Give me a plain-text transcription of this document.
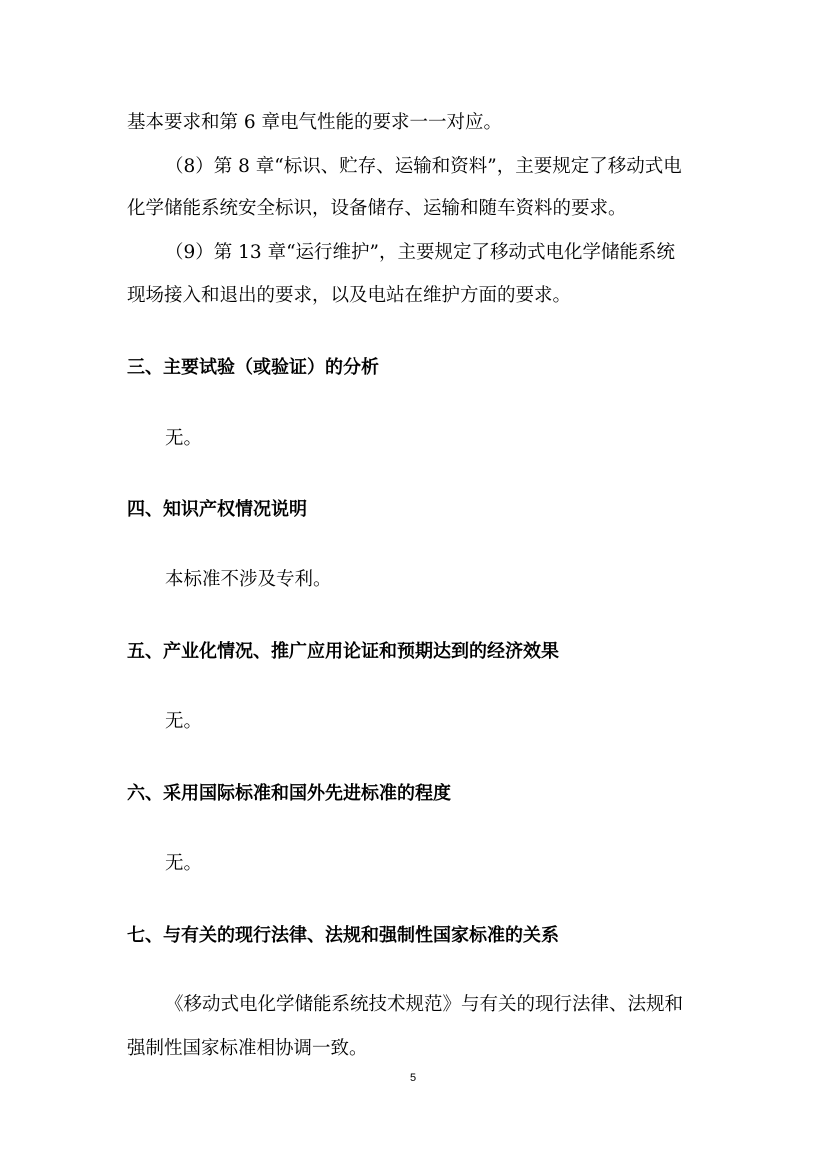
基本要求和第 6 章电气性能的要求一一对应。
（8）第 8 章“标识、贮存、运输和资料”，主要规定了移动式电
化学储能系统安全标识，设备储存、运输和随车资料的要求。
（9）第 13 章“运行维护”，主要规定了移动式电化学储能系统
现场接入和退出的要求，以及电站在维护方面的要求。
三、主要试验（或验证）的分析
无。
四、知识产权情况说明
本标准不涉及专利。
五、产业化情况、推广应用论证和预期达到的经济效果
无。
六、采用国际标准和国外先进标准的程度
无。
七、与有关的现行法律、法规和强制性国家标准的关系
《移动式电化学储能系统技术规范》与有关的现行法律、法规和
强制性国家标准相协调一致。
5
